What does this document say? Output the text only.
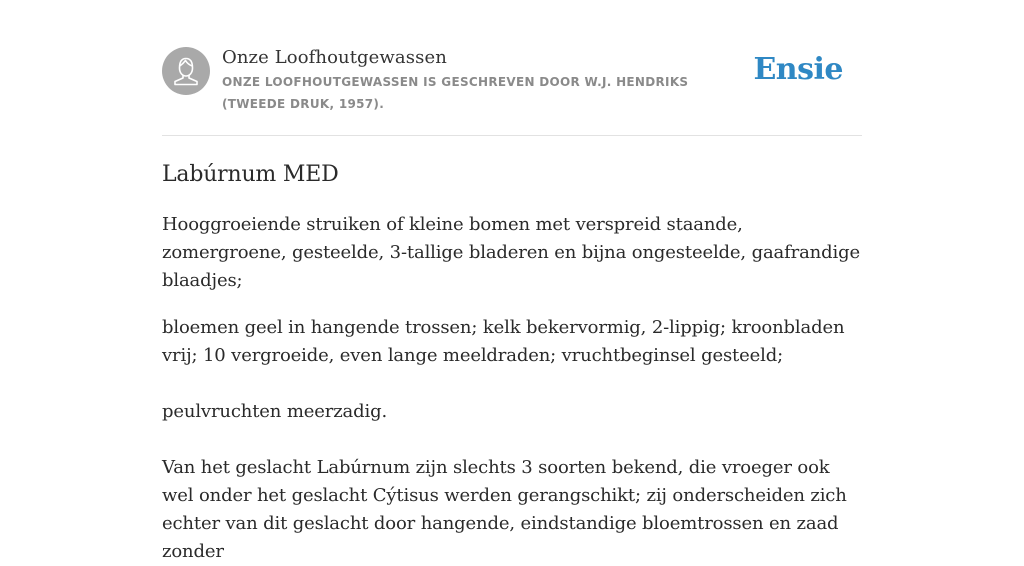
Onze Loofhoutgewassen

ONZE LOOFHOUTGEWASSEN IS GESCHREVEN DOOR W.J. HENDRIKS (TWEEDE DRUK, 1957).
Ensie
Labúrnum MED

Hooggroeiende struiken of kleine bomen met verspreid staande, zomergroene, gesteelde, 3-tallige bladeren en bijna ongesteelde, gaafrandige blaadjes;

bloemen geel in hangende trossen; kelk bekervormig, 2-lippig; kroonbladen vrij; 10 vergroeide, even lange meeldraden; vruchtbeginsel gesteeld;

peulvruchten meerzadig.

Van het geslacht Labúrnum zijn slechts 3 soorten bekend, die vroeger ook wel onder het geslacht Cýtisus werden gerangschikt; zij onderscheiden zich echter van dit geslacht door hangende, eindstandige bloemtrossen en zaad zonder
